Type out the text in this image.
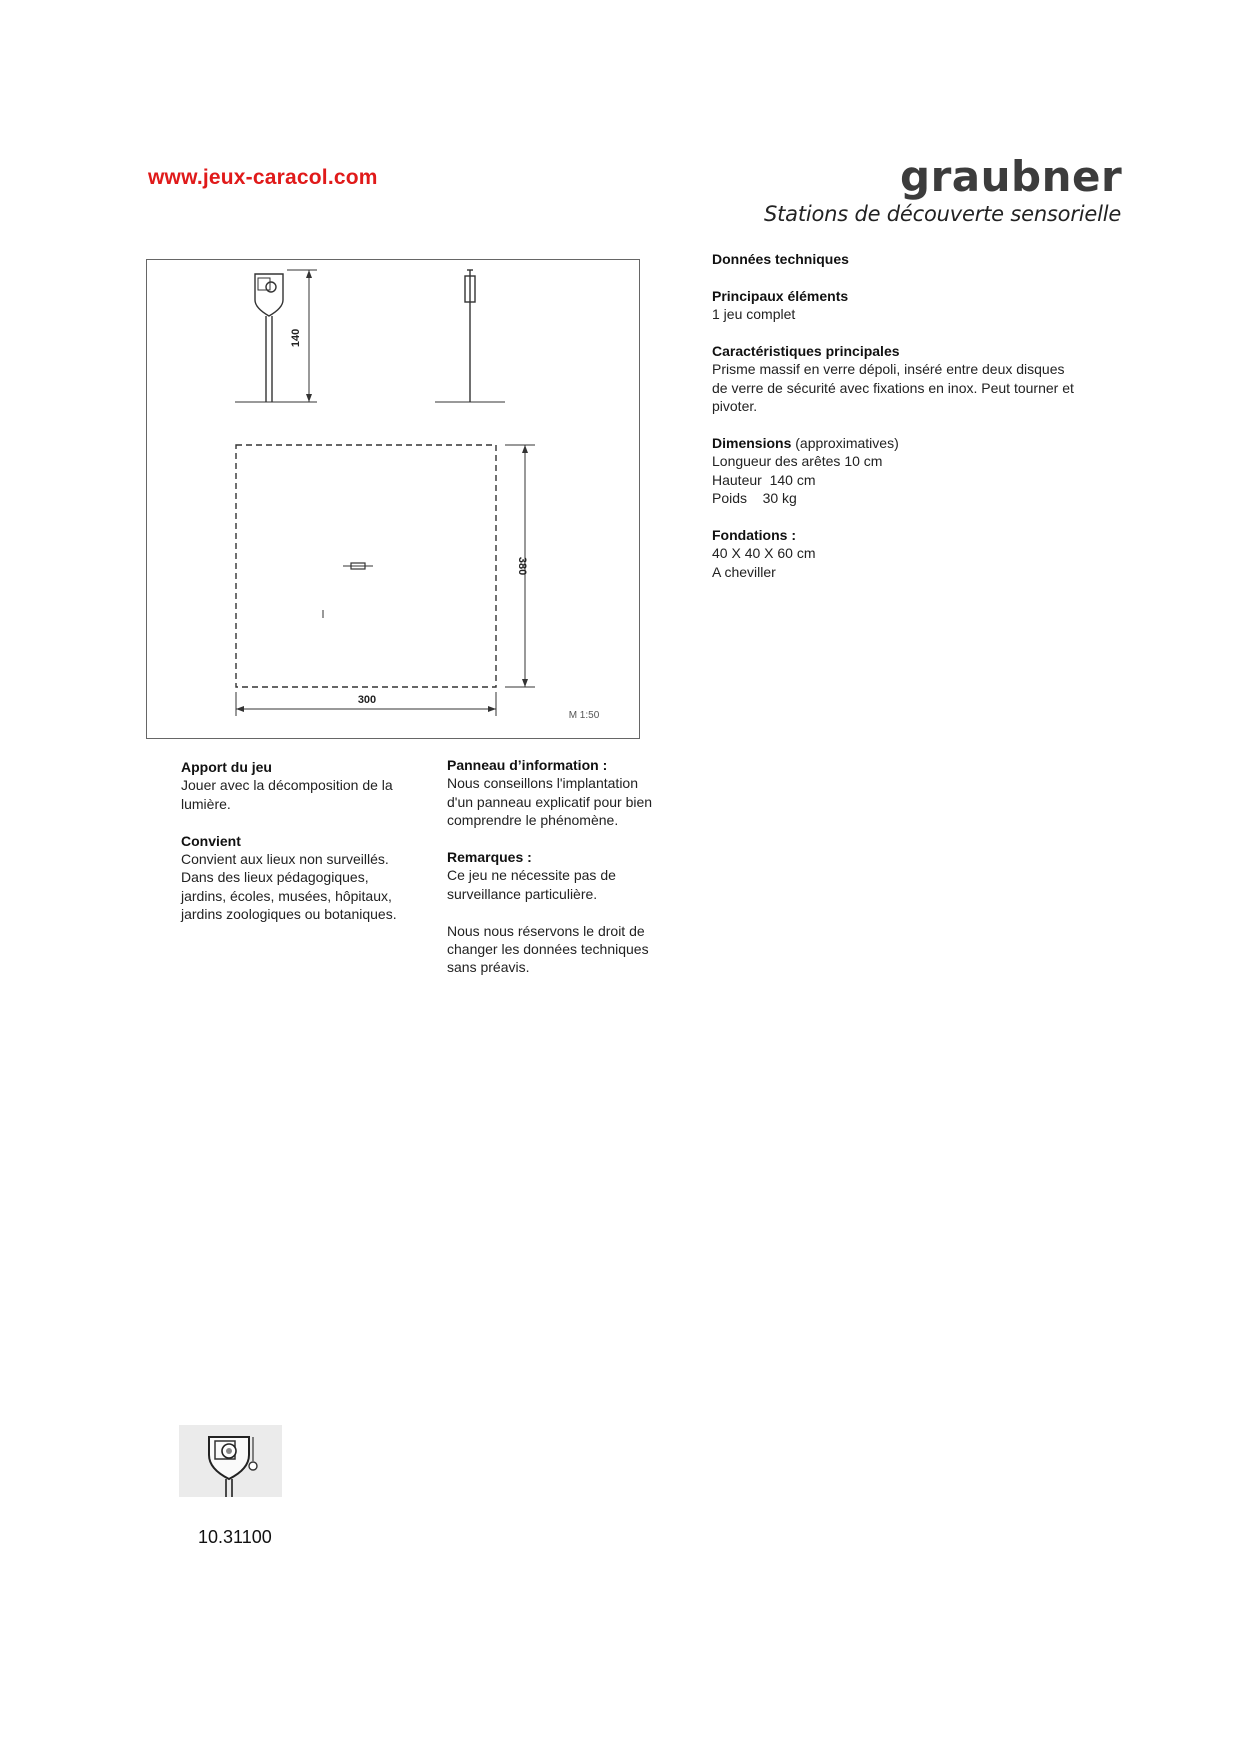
www.jeux-caracol.com	graubner
Stations de découverte sensorielle
140
380
300
M 1:50
Données techniques
Principaux éléments
1 jeu complet
Caractéristiques principales
Prisme massif en verre dépoli, inséré entre deux disques
de verre de sécurité avec fixations en inox. Peut tourner et
pivoter.
Dimensions (approximatives)
Longueur des arêtes 10 cm
Hauteur  140 cm
Poids    30 kg
Fondations :
40 X 40 X 60 cm
A cheviller
Apport du jeu
Jouer avec la décomposition de la
lumière.
Convient
Convient aux lieux non surveillés.
Dans des lieux pédagogiques,
jardins, écoles, musées, hôpitaux,
jardins zoologiques ou botaniques.
Panneau d’information :
Nous conseillons l'implantation
d'un panneau explicatif pour bien
comprendre le phénomène.
Remarques :
Ce jeu ne nécessite pas de
surveillance particulière.
Nous nous réservons le droit de
changer les données techniques
sans préavis.
10.31100
